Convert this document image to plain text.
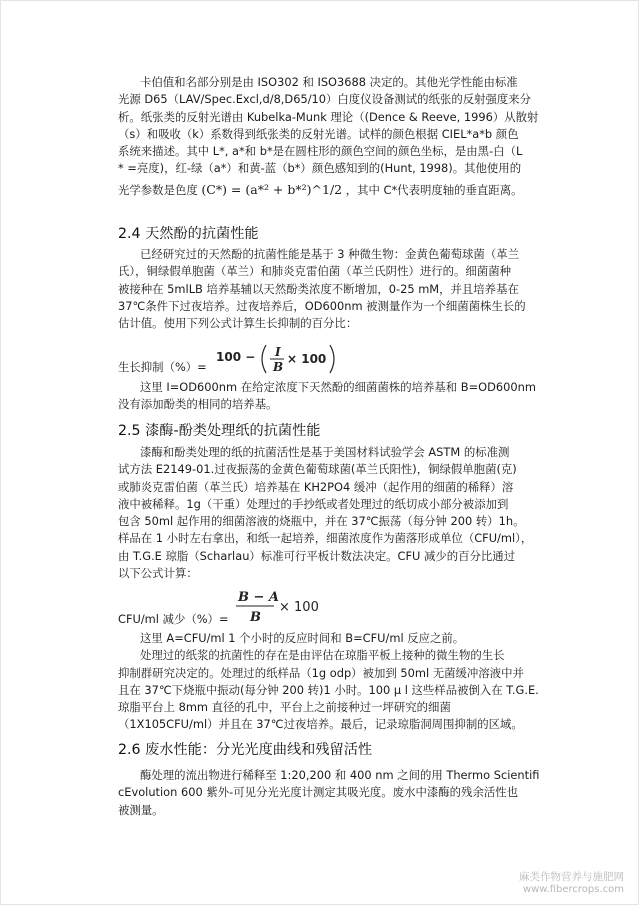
卡伯值和名部分别是由 ISO302 和 ISO3688 决定的。其他光学性能由标准
光源 D65（LAV/Spec.Excl,d/8,D65/10）白度仪设备测试的纸张的反射强度来分
析。纸张类的反射光谱由 Kubelka-Munk 理论（(Dence & Reeve, 1996）从散射
（s）和吸收（k）系数得到纸张类的反射光谱。试样的颜色根据 CIEL*a*b 颜色
系统来描述。其中 L*, a*和 b*是在圆柱形的颜色空间的颜色坐标，是由黑-白（L
* =亮度)，红-绿（a*）和黄-蓝（b*）颜色感知到的(Hunt, 1998)。其他使用的
光学参数是色度 (C*) = (a*² + b*²)^1/2 ，其中 C*代表明度轴的垂直距离。
2.4 天然酚的抗菌性能
已经研究过的天然酚的抗菌性能是基于 3 种微生物：金黄色葡萄球菌（革兰
氏），铜绿假单胞菌（革兰）和肺炎克雷伯菌（革兰氏阴性）进行的。细菌菌种
被接种在 5mlLB 培养基辅以天然酚类浓度不断增加，0-25 mM，并且培养基在
37℃条件下过夜培养。过夜培养后，OD600nm 被测量作为一个细菌菌株生长的
估计值。使用下列公式计算生长抑制的百分比：
生长抑制（%）=
100 − I
B
× 100
这里 I=OD600nm 在给定浓度下天然酚的细菌菌株的培养基和 B=OD600nm
没有添加酚类的相同的培养基。
2.5 漆酶-酚类处理纸的抗菌性能
漆酶和酚类处理的纸的抗菌活性是基于美国材料试验学会 ASTM 的标准测
试方法 E2149-01.过夜振荡的金黄色葡萄球菌(革兰氏阳性)，铜绿假单胞菌(克)
或肺炎克雷伯菌（革兰氏）培养基在 KH2PO4 缓冲（起作用的细菌的稀释）溶
液中被稀释。1g（干重）处理过的手抄纸或者处理过的纸切成小部分被添加到
包含 50ml 起作用的细菌溶液的烧瓶中，并在 37℃振荡（每分钟 200 转）1h。
样品在 1 小时左右拿出，和纸一起培养，细菌浓度作为菌落形成单位（CFU/ml），
由 T.G.E 琼脂（Scharlau）标准可行平板计数法决定。CFU 减少的百分比通过
以下公式计算：
CFU/ml 减少（%）=
B − A
B
× 100
这里 A=CFU/ml 1 个小时的反应时间和 B=CFU/ml 反应之前。
处理过的纸浆的抗菌性的存在是由评估在琼脂平板上接种的微生物的生长
抑制群研究决定的。处理过的纸样品（1g odp）被加到 50ml 无菌缓冲溶液中并
且在 37℃下烧瓶中振动(每分钟 200 转)1 小时。100 μ l 这些样品被倒入在 T.G.E.
琼脂平台上 8mm 直径的孔中，平台上之前接种过一坪研究的细菌
（1X105CFU/ml）并且在 37℃过夜培养。最后，记录琼脂洞周围抑制的区域。
2.6 废水性能：分光光度曲线和残留活性
酶处理的流出物进行稀释至 1:20,200 和 400 nm 之间的用 Thermo Scientifi
cEvolution 600 紫外-可见分光光度计测定其吸光度。废水中漆酶的残余活性也
被测量。
麻类作物营养与施肥网
www.fibercrops.com
